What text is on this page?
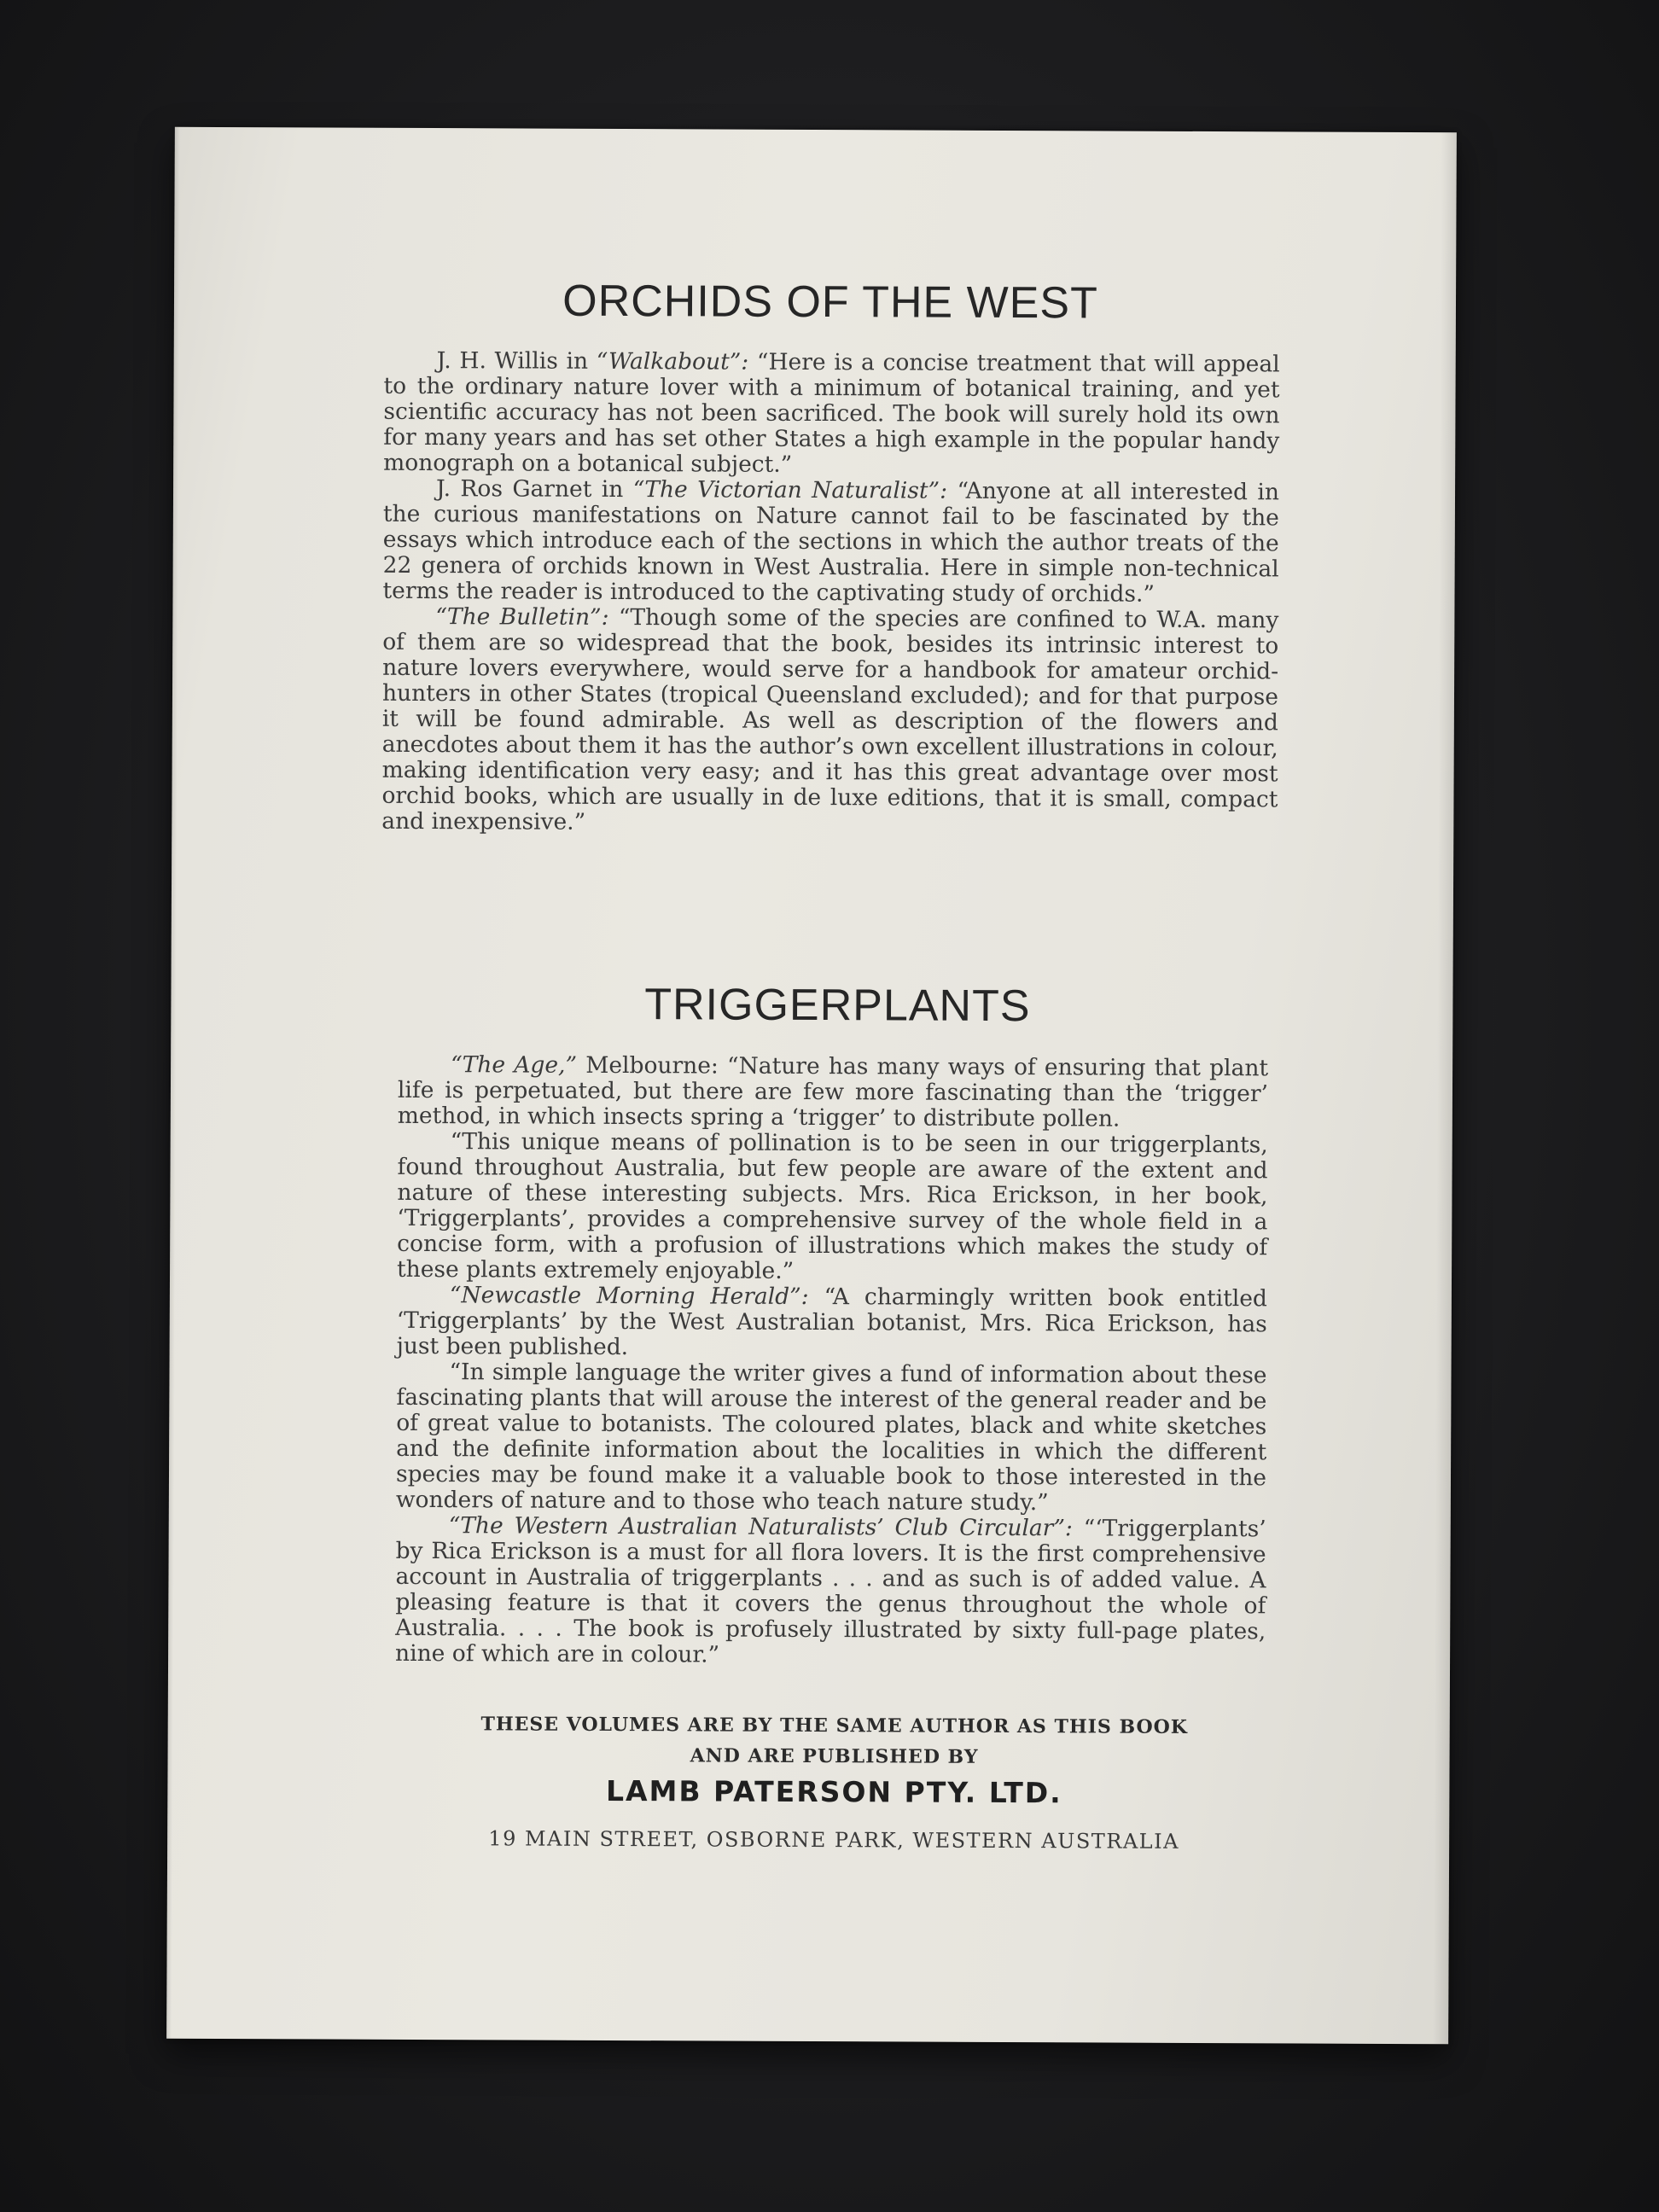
ORCHIDS OF THE WEST

J. H. Willis in “Walkabout”: “Here is a concise treatment that will appeal to the ordinary nature lover with a minimum of botanical training, and yet scientific accuracy has not been sacrificed. The book will surely hold its own for many years and has set other States a high example in the popular handy monograph on a botanical subject.”

J. Ros Garnet in “The Victorian Naturalist”: “Anyone at all interested in the curious manifestations on Nature cannot fail to be fascinated by the essays which introduce each of the sections in which the author treats of the 22 genera of orchids known in West Australia. Here in simple non-technical terms the reader is introduced to the captivating study of orchids.”

“The Bulletin”: “Though some of the species are confined to W.A. many of them are so widespread that the book, besides its intrinsic interest to nature lovers everywhere, would serve for a handbook for amateur orchid-hunters in other States (tropical Queensland excluded); and for that purpose it will be found admirable. As well as description of the flowers and anecdotes about them it has the author’s own excellent illustrations in colour, making identification very easy; and it has this great advantage over most orchid books, which are usually in de luxe editions, that it is small, compact and inexpensive.”

TRIGGERPLANTS

“The Age,” Melbourne: “Nature has many ways of ensuring that plant life is perpetuated, but there are few more fascinating than the ‘trigger’ method, in which insects spring a ‘trigger’ to distribute pollen.

“This unique means of pollination is to be seen in our triggerplants, found throughout Australia, but few people are aware of the extent and nature of these interesting subjects. Mrs. Rica Erickson, in her book, ‘Triggerplants’, provides a comprehensive survey of the whole field in a concise form, with a profusion of illustrations which makes the study of these plants extremely enjoyable.”

“Newcastle Morning Herald”: “A charmingly written book entitled ‘Triggerplants’ by the West Australian botanist, Mrs. Rica Erickson, has just been published.

“In simple language the writer gives a fund of information about these fascinating plants that will arouse the interest of the general reader and be of great value to botanists. The coloured plates, black and white sketches and the definite information about the localities in which the different species may be found make it a valuable book to those interested in the wonders of nature and to those who teach nature study.”

“The Western Australian Naturalists’ Club Circular”: “‘Triggerplants’ by Rica Erickson is a must for all flora lovers. It is the first comprehensive account in Australia of triggerplants . . . and as such is of added value. A pleasing feature is that it covers the genus throughout the whole of Australia. . . . The book is profusely illustrated by sixty full-page plates, nine of which are in colour.”

THESE VOLUMES ARE BY THE SAME AUTHOR AS THIS BOOK
AND ARE PUBLISHED BY
LAMB PATERSON PTY. LTD.
19 MAIN STREET, OSBORNE PARK, WESTERN AUSTRALIA
